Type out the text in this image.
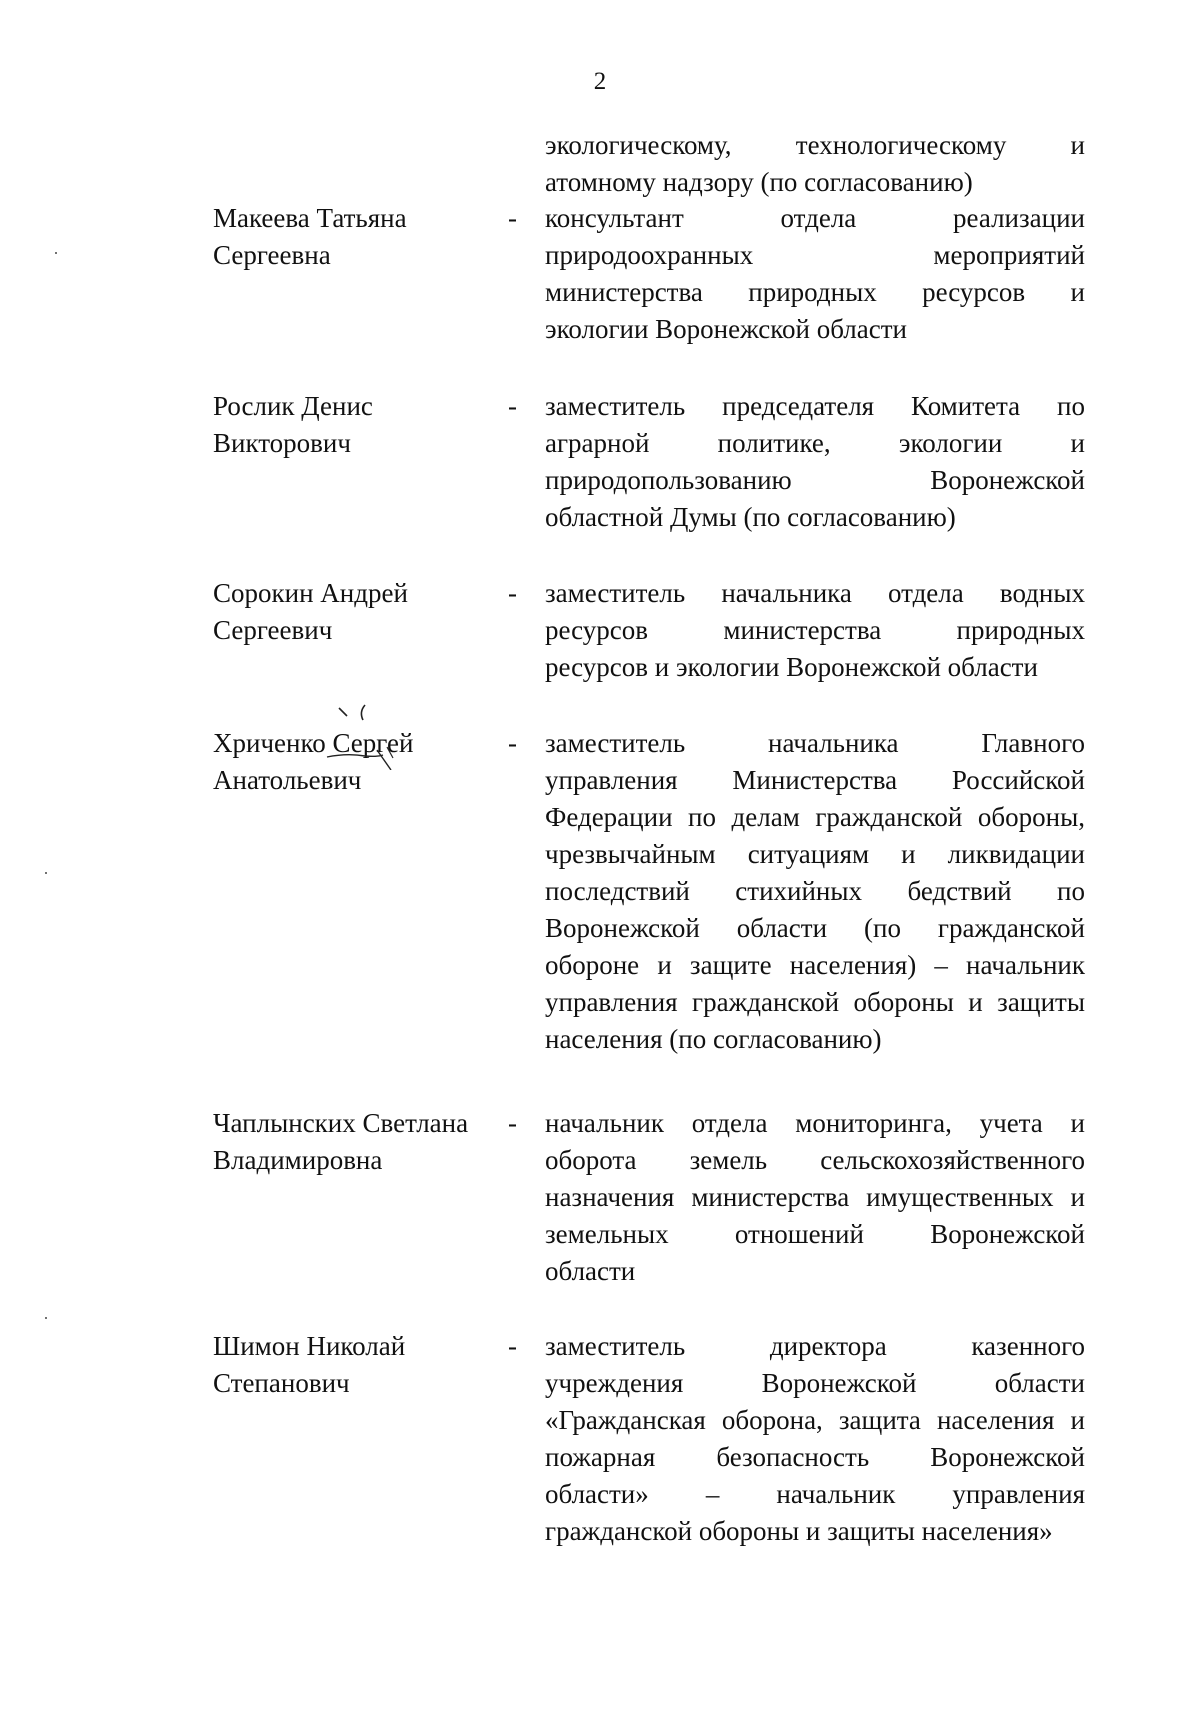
2
экологическому, технологическому и
атомному надзору (по согласованию)
Макеева Татьяна
Сергеевна
- консультант отдела реализации
природоохранных мероприятий
министерства природных ресурсов и
экологии Воронежской области
Рослик Денис
Викторович
- заместитель председателя Комитета по
аграрной политике, экологии и
природопользованию Воронежской
областной Думы (по согласованию)
Сорокин Андрей
Сергеевич
- заместитель начальника отдела водных
ресурсов министерства природных
ресурсов и экологии Воронежской области
Хриченко Сергей
Анатольевич
- заместитель начальника Главного
управления Министерства Российской
Федерации по делам гражданской обороны,
чрезвычайным ситуациям и ликвидации
последствий стихийных бедствий по
Воронежской области (по гражданской
обороне и защите населения) – начальник
управления гражданской обороны и защиты
населения (по согласованию)
Чаплынских Светлана
Владимировна
- начальник отдела мониторинга, учета и
оборота земель сельскохозяйственного
назначения министерства имущественных и
земельных отношений Воронежской
области
Шимон Николай
Степанович
- заместитель директора казенного
учреждения Воронежской области
«Гражданская оборона, защита населения и
пожарная безопасность Воронежской
области» – начальник управления
гражданской обороны и защиты населения»
